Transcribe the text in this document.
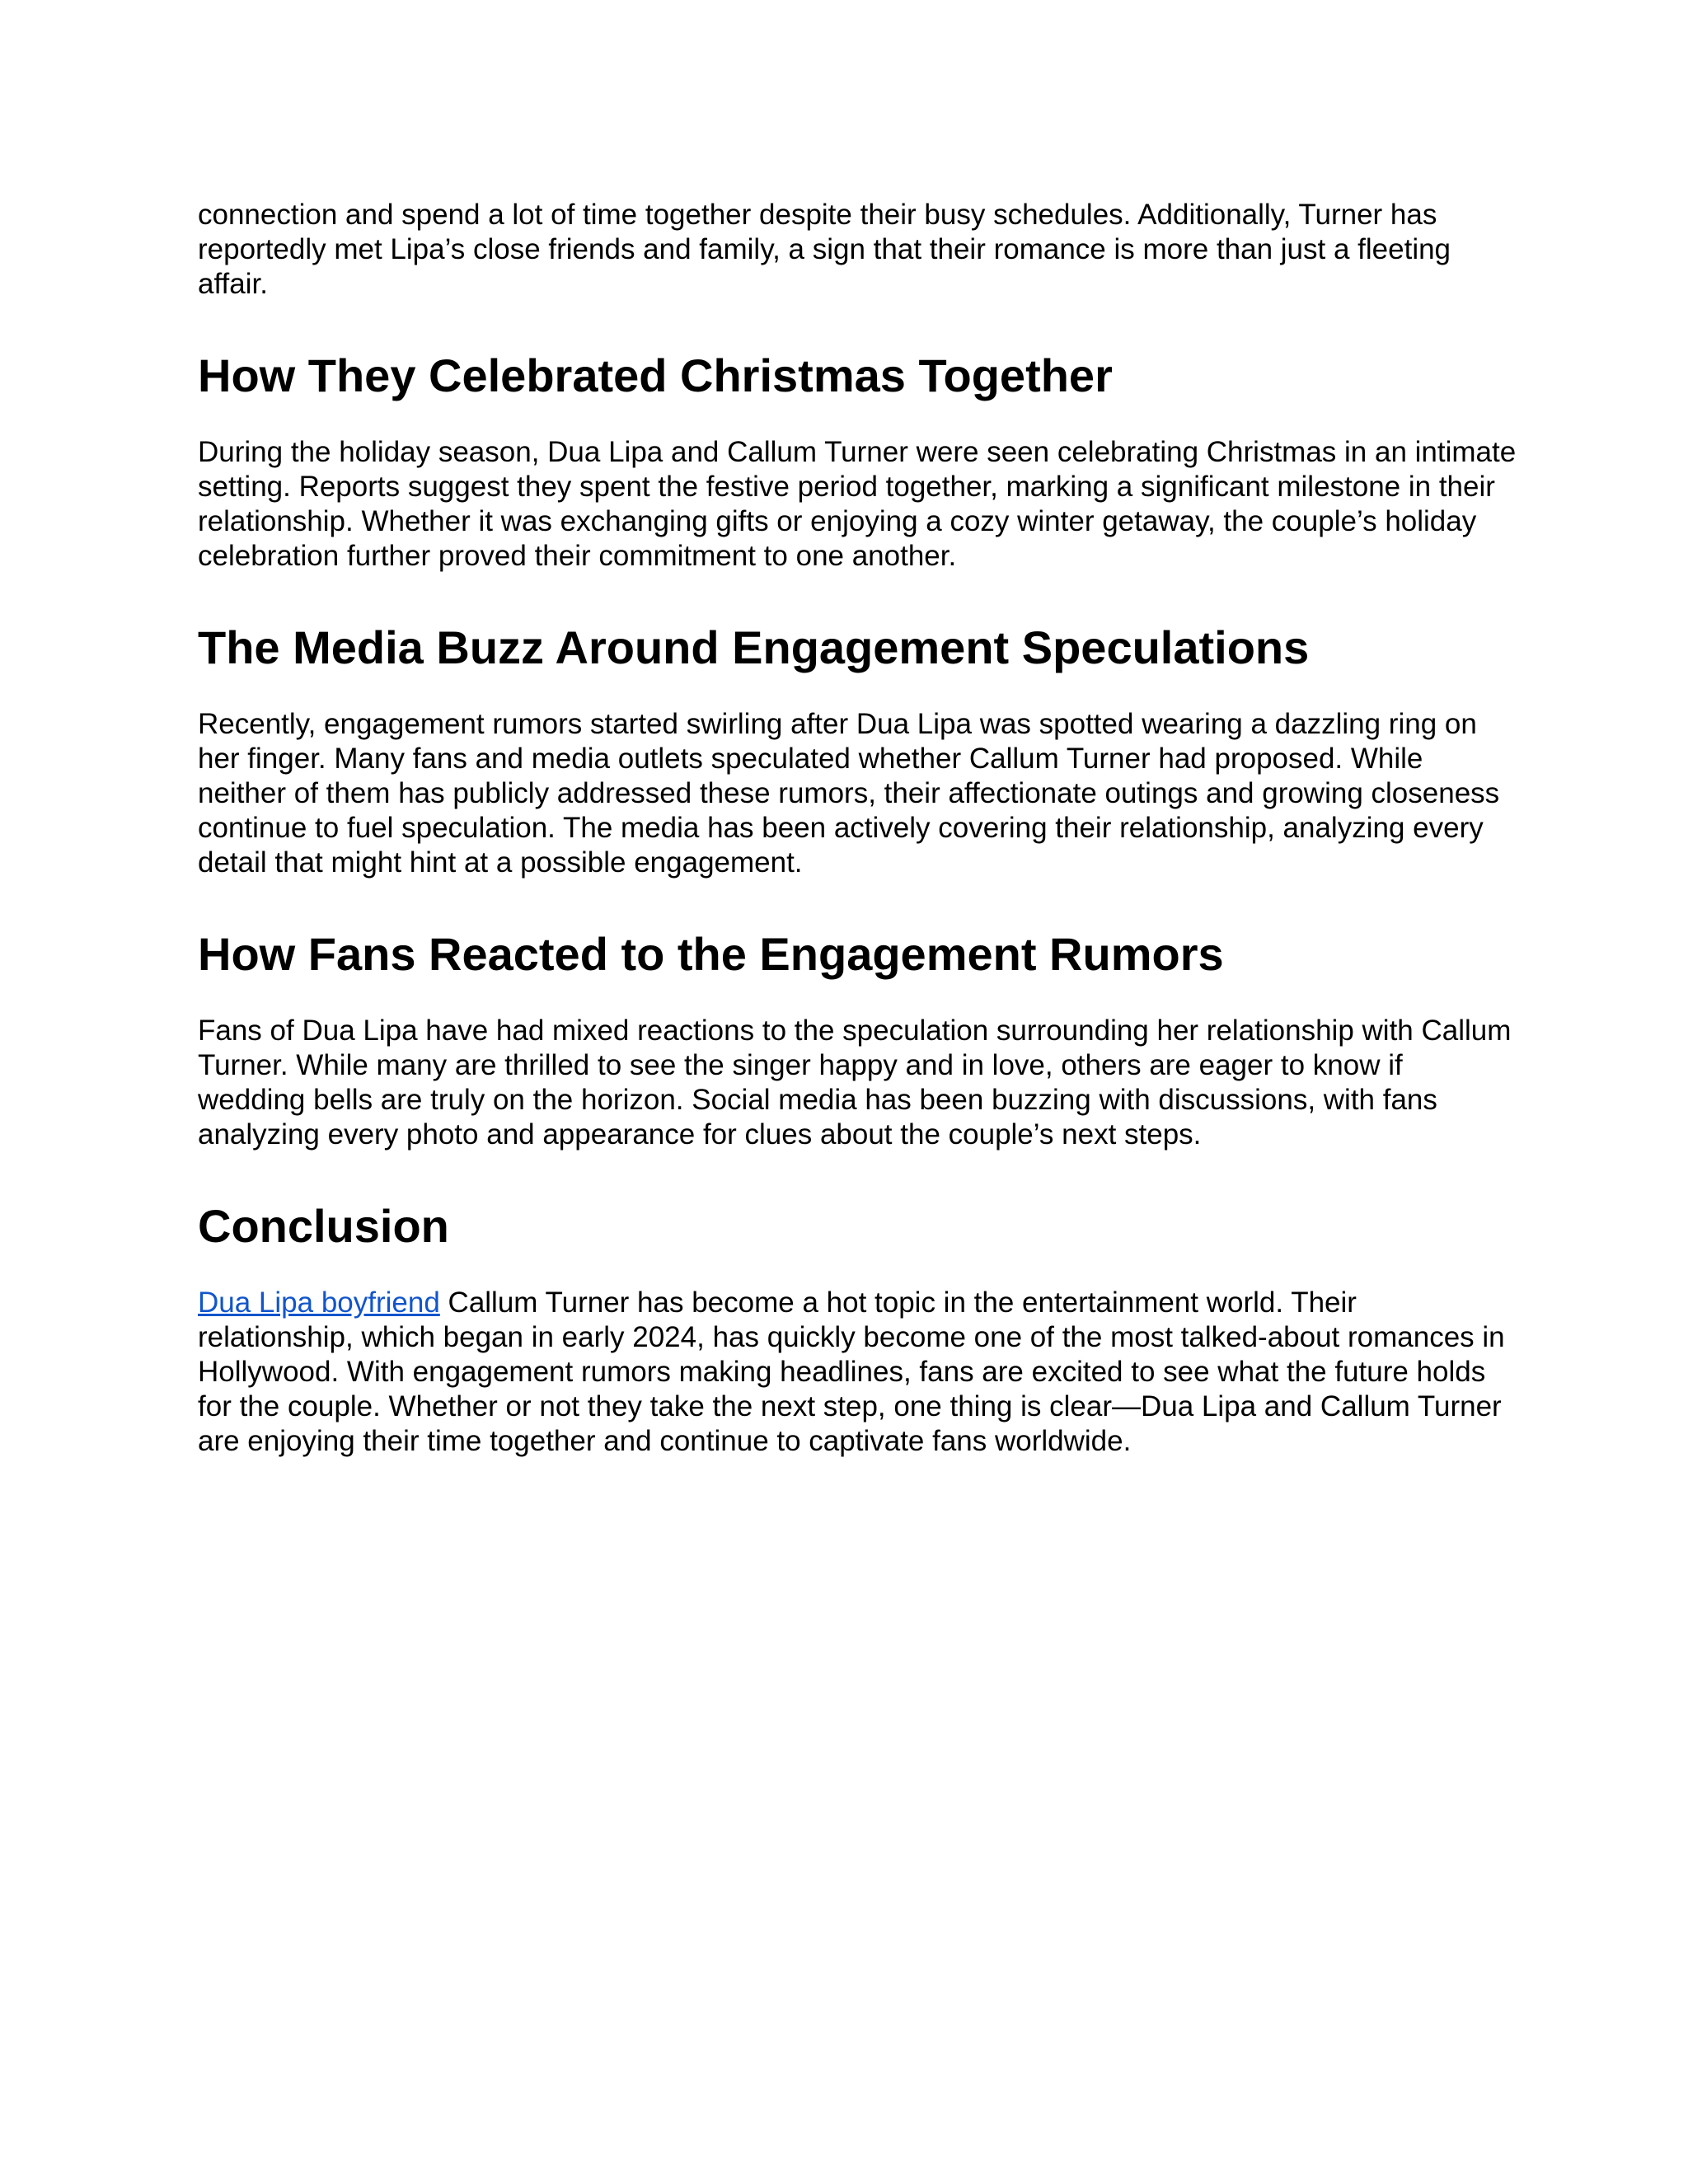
connection and spend a lot of time together despite their busy schedules. Additionally, Turner has reportedly met Lipa’s close friends and family, a sign that their romance is more than just a fleeting affair.

How They Celebrated Christmas Together

During the holiday season, Dua Lipa and Callum Turner were seen celebrating Christmas in an intimate setting. Reports suggest they spent the festive period together, marking a significant milestone in their relationship. Whether it was exchanging gifts or enjoying a cozy winter getaway, the couple’s holiday celebration further proved their commitment to one another.

The Media Buzz Around Engagement Speculations

Recently, engagement rumors started swirling after Dua Lipa was spotted wearing a dazzling ring on her finger. Many fans and media outlets speculated whether Callum Turner had proposed. While neither of them has publicly addressed these rumors, their affectionate outings and growing closeness continue to fuel speculation. The media has been actively covering their relationship, analyzing every detail that might hint at a possible engagement.

How Fans Reacted to the Engagement Rumors

Fans of Dua Lipa have had mixed reactions to the speculation surrounding her relationship with Callum Turner. While many are thrilled to see the singer happy and in love, others are eager to know if wedding bells are truly on the horizon. Social media has been buzzing with discussions, with fans analyzing every photo and appearance for clues about the couple’s next steps.

Conclusion

Dua Lipa boyfriend Callum Turner has become a hot topic in the entertainment world. Their relationship, which began in early 2024, has quickly become one of the most talked-about romances in Hollywood. With engagement rumors making headlines, fans are excited to see what the future holds for the couple. Whether or not they take the next step, one thing is clear—Dua Lipa and Callum Turner are enjoying their time together and continue to captivate fans worldwide.
